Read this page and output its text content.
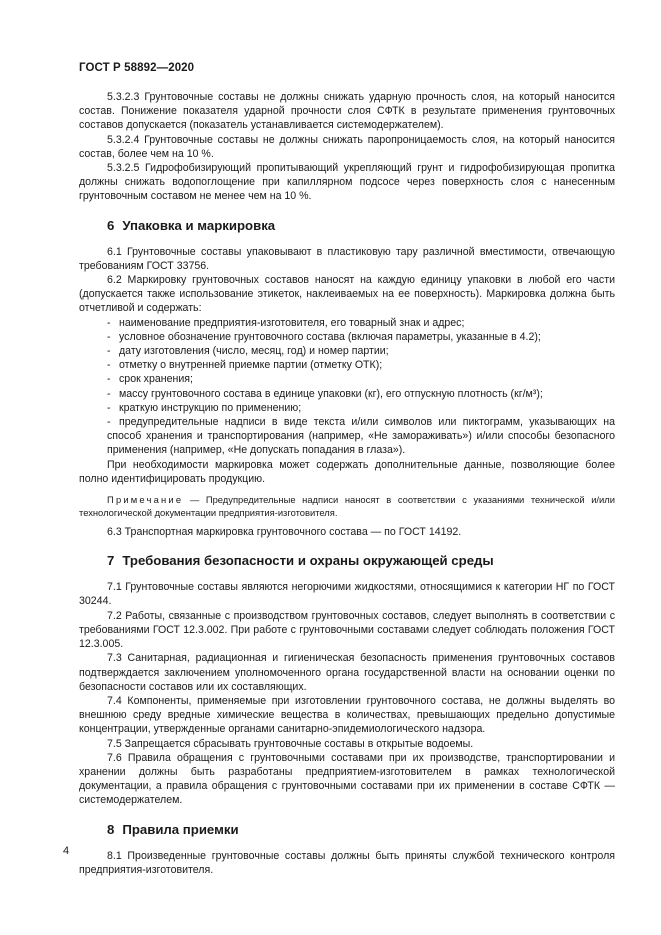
ГОСТ Р 58892—2020

5.3.2.3 Грунтовочные составы не должны снижать ударную прочность слоя, на который наносится состав. Понижение показателя ударной прочности слоя СФТК в результате применения грунтовочных составов допускается (показатель устанавливается системодержателем).

5.3.2.4 Грунтовочные составы не должны снижать паропроницаемость слоя, на который наносится состав, более чем на 10 %.

5.3.2.5 Гидрофобизирующий пропитывающий укрепляющий грунт и гидрофобизирующая пропитка должны снижать водопоглощение при капиллярном подсосе через поверхность слоя с нанесенным грунтовочным составом не менее чем на 10 %.

6 Упаковка и маркировка

6.1 Грунтовочные составы упаковывают в пластиковую тару различной вместимости, отвечающую требованиям ГОСТ 33756.

6.2 Маркировку грунтовочных составов наносят на каждую единицу упаковки в любой его части (допускается также использование этикеток, наклеиваемых на ее поверхность). Маркировка должна быть отчетливой и содержать:

- наименование предприятия-изготовителя, его товарный знак и адрес;

- условное обозначение грунтовочного состава (включая параметры, указанные в 4.2);

- дату изготовления (число, месяц, год) и номер партии;

- отметку о внутренней приемке партии (отметку ОТК);

- срок хранения;

- массу грунтовочного состава в единице упаковки (кг), его отпускную плотность (кг/м³);

- краткую инструкцию по применению;

- предупредительные надписи в виде текста и/или символов или пиктограмм, указывающих на способ хранения и транспортирования (например, «Не замораживать») и/или способы безопасного применения (например, «Не допускать попадания в глаза»).

При необходимости маркировка может содержать дополнительные данные, позволяющие более полно идентифицировать продукцию.

Примечание — Предупредительные надписи наносят в соответствии с указаниями технической и/или технологической документации предприятия-изготовителя.

6.3 Транспортная маркировка грунтовочного состава — по ГОСТ 14192.

7 Требования безопасности и охраны окружающей среды

7.1 Грунтовочные составы являются негорючими жидкостями, относящимися к категории НГ по ГОСТ 30244.

7.2 Работы, связанные с производством грунтовочных составов, следует выполнять в соответствии с требованиями ГОСТ 12.3.002. При работе с грунтовочными составами следует соблюдать положения ГОСТ 12.3.005.

7.3 Санитарная, радиационная и гигиеническая безопасность применения грунтовочных составов подтверждается заключением уполномоченного органа государственной власти на основании оценки по безопасности составов или их составляющих.

7.4 Компоненты, применяемые при изготовлении грунтовочного состава, не должны выделять во внешнюю среду вредные химические вещества в количествах, превышающих предельно допустимые концентрации, утвержденные органами санитарно-эпидемиологического надзора.

7.5 Запрещается сбрасывать грунтовочные составы в открытые водоемы.

7.6 Правила обращения с грунтовочными составами при их производстве, транспортировании и хранении должны быть разработаны предприятием-изготовителем в рамках технологической документации, а правила обращения с грунтовочными составами при их применении в составе СФТК — системодержателем.

8 Правила приемки

8.1 Произведенные грунтовочные составы должны быть приняты службой технического контроля предприятия-изготовителя.

4
